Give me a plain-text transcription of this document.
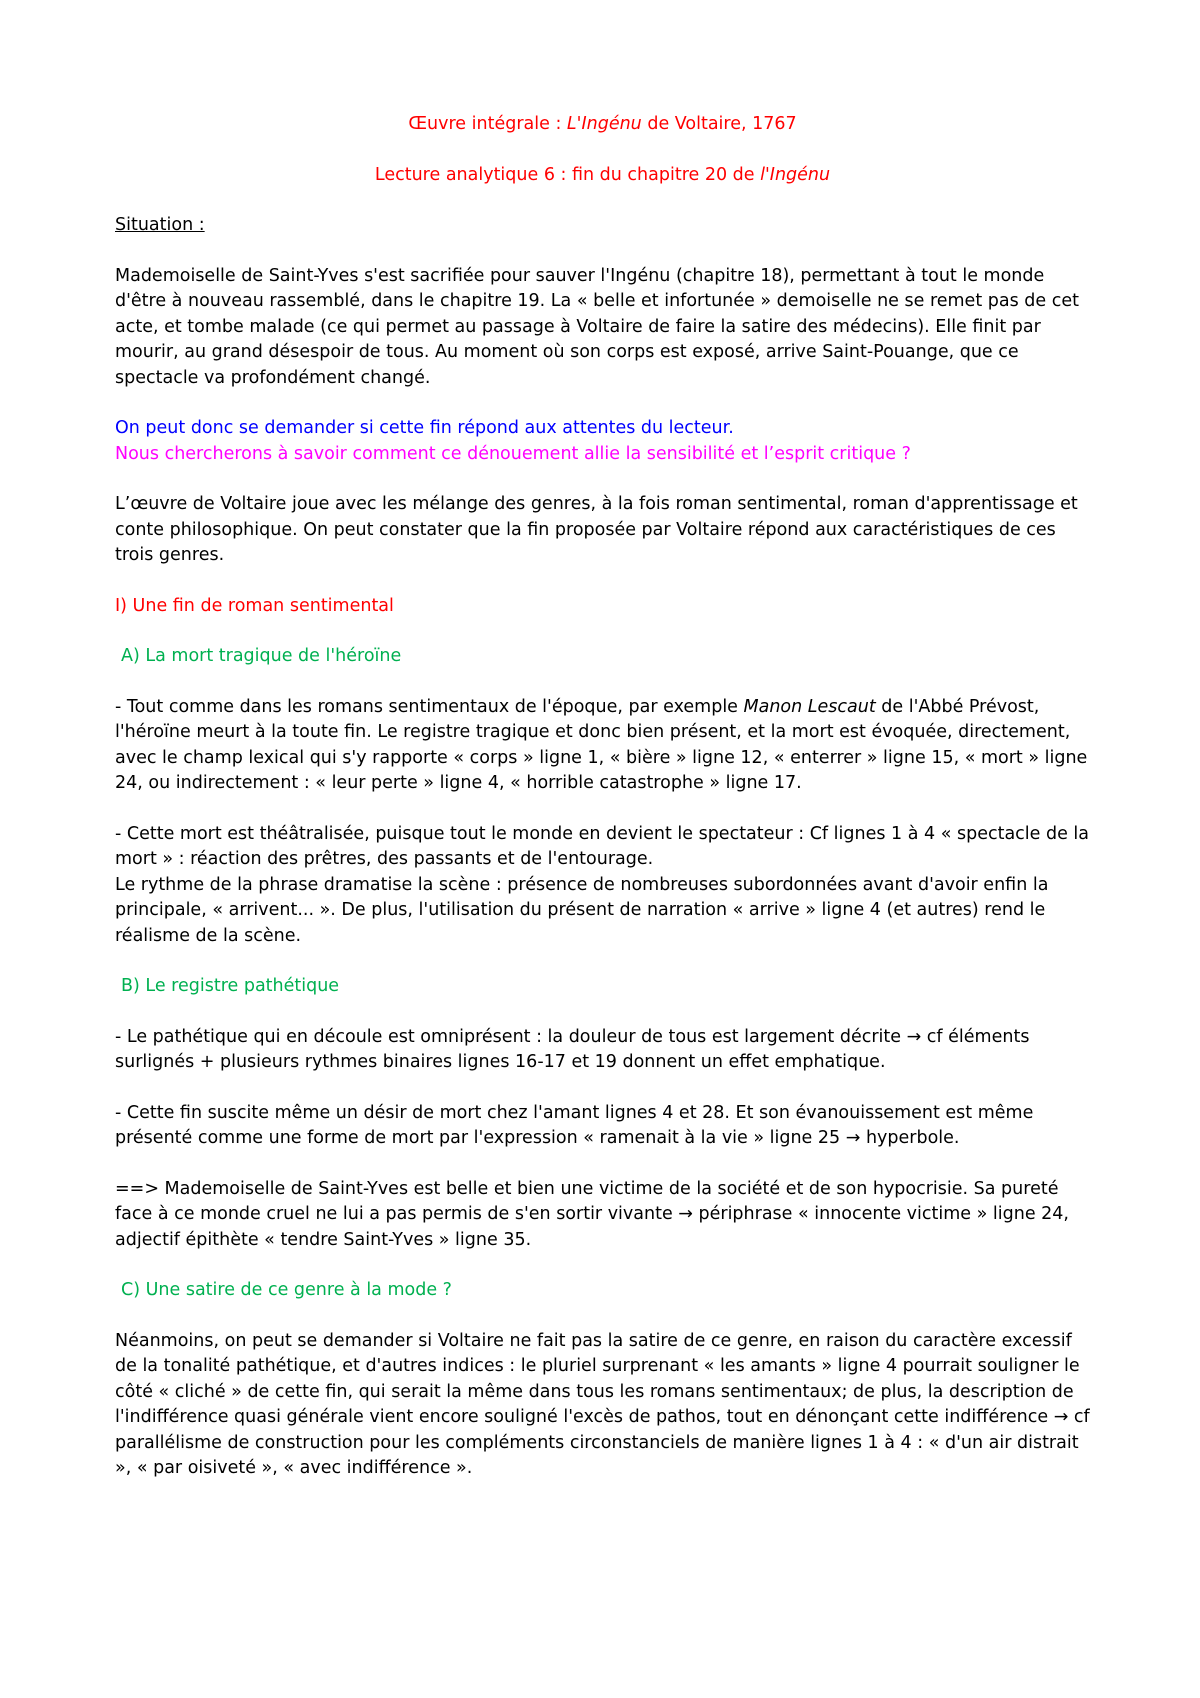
Œuvre intégrale : L'Ingénu de Voltaire, 1767

Lecture analytique 6 : fin du chapitre 20 de l'Ingénu

Situation :

Mademoiselle de Saint-Yves s'est sacrifiée pour sauver l'Ingénu (chapitre 18), permettant à tout le monde d'être à nouveau rassemblé, dans le chapitre 19. La « belle et infortunée » demoiselle ne se remet pas de cet acte, et tombe malade (ce qui permet au passage à Voltaire de faire la satire des médecins). Elle finit par mourir, au grand désespoir de tous. Au moment où son corps est exposé, arrive Saint-Pouange, que ce spectacle va profondément changé.

On peut donc se demander si cette fin répond aux attentes du lecteur.

Nous chercherons à savoir comment ce dénouement allie la sensibilité et l’esprit critique ?

L’œuvre de Voltaire joue avec les mélange des genres, à la fois roman sentimental, roman d'apprentissage et conte philosophique. On peut constater que la fin proposée par Voltaire répond aux caractéristiques de ces trois genres.

I) Une fin de roman sentimental

A) La mort tragique de l'héroïne

- Tout comme dans les romans sentimentaux de l'époque, par exemple Manon Lescaut de l'Abbé Prévost, l'héroïne meurt à la toute fin. Le registre tragique et donc bien présent, et la mort est évoquée, directement, avec le champ lexical qui s'y rapporte « corps » ligne 1, « bière » ligne 12, « enterrer » ligne 15, « mort » ligne 24, ou indirectement : « leur perte » ligne 4, « horrible catastrophe » ligne 17.

- Cette mort est théâtralisée, puisque tout le monde en devient le spectateur : Cf lignes 1 à 4 « spectacle de la mort » : réaction des prêtres, des passants et de l'entourage.

Le rythme de la phrase dramatise la scène : présence de nombreuses subordonnées avant d'avoir enfin la principale, « arrivent... ». De plus, l'utilisation du présent de narration « arrive » ligne 4 (et autres) rend le réalisme de la scène.

B) Le registre pathétique

- Le pathétique qui en découle est omniprésent : la douleur de tous est largement décrite → cf éléments surlignés + plusieurs rythmes binaires lignes 16-17 et 19 donnent un effet emphatique.

- Cette fin suscite même un désir de mort chez l'amant lignes 4 et 28. Et son évanouissement est même présenté comme une forme de mort par l'expression « ramenait à la vie » ligne 25 → hyperbole.

==> Mademoiselle de Saint-Yves est belle et bien une victime de la société et de son hypocrisie. Sa pureté face à ce monde cruel ne lui a pas permis de s'en sortir vivante → périphrase « innocente victime » ligne 24, adjectif épithète « tendre Saint-Yves » ligne 35.

C) Une satire de ce genre à la mode ?

Néanmoins, on peut se demander si Voltaire ne fait pas la satire de ce genre, en raison du caractère excessif de la tonalité pathétique, et d'autres indices : le pluriel surprenant « les amants » ligne 4 pourrait souligner le côté « cliché » de cette fin, qui serait la même dans tous les romans sentimentaux; de plus, la description de l'indifférence quasi générale vient encore souligné l'excès de pathos, tout en dénonçant cette indifférence → cf parallélisme de construction pour les compléments circonstanciels de manière lignes 1 à 4 : « d'un air distrait », « par oisiveté », « avec indifférence ».
